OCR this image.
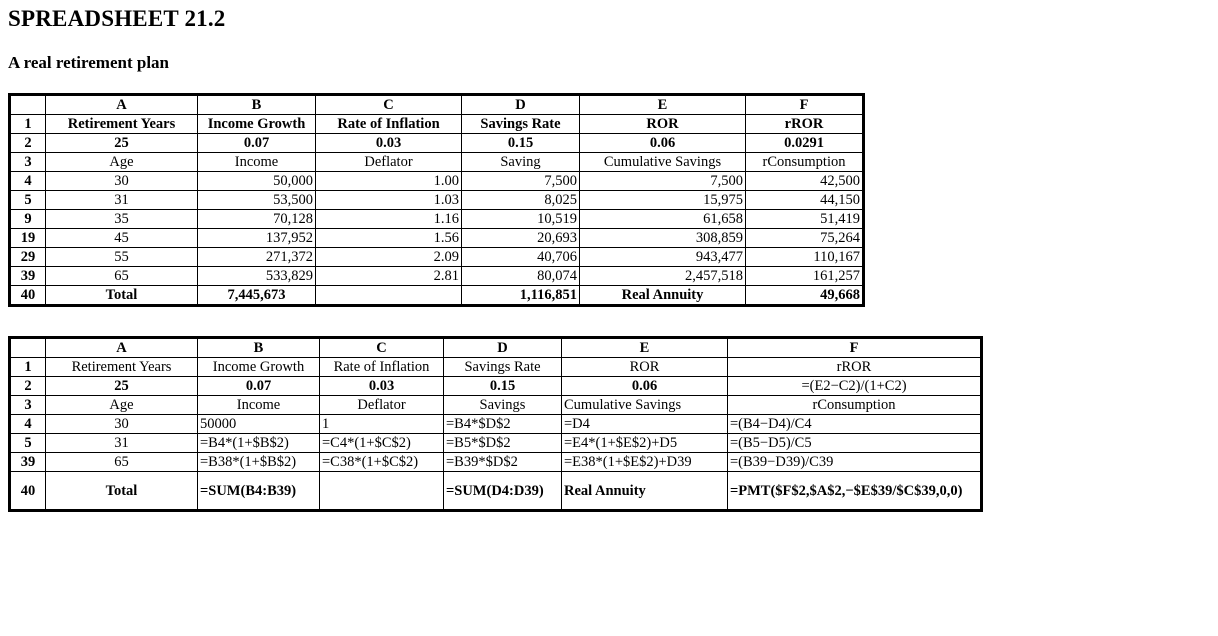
SPREADSHEET 21.2
A real retirement plan
	A	B	C	D	E	F
1	Retirement Years	Income Growth	Rate of Inflation	Savings Rate	ROR	rROR
2	25	0.07	0.03	0.15	0.06	0.0291
3	Age	Income	Deflator	Saving	Cumulative Savings	rConsumption
4	30	50,000	1.00	7,500	7,500	42,500
5	31	53,500	1.03	8,025	15,975	44,150
9	35	70,128	1.16	10,519	61,658	51,419
19	45	137,952	1.56	20,693	308,859	75,264
29	55	271,372	2.09	40,706	943,477	110,167
39	65	533,829	2.81	80,074	2,457,518	161,257
40	Total	7,445,673		1,116,851	Real Annuity	49,668
	A	B	C	D	E	F
1	Retirement Years	Income Growth	Rate of Inflation	Savings Rate	ROR	rROR
2	25	0.07	0.03	0.15	0.06	=(E2−C2)/(1+C2)
3	Age	Income	Deflator	Savings	Cumulative Savings	rConsumption
4	30	50000	1	=B4*$D$2	=D4	=(B4−D4)/C4
5	31	=B4*(1+$B$2)	=C4*(1+$C$2)	=B5*$D$2	=E4*(1+$E$2)+D5	=(B5−D5)/C5
39	65	=B38*(1+$B$2)	=C38*(1+$C$2)	=B39*$D$2	=E38*(1+$E$2)+D39	=(B39−D39)/C39
40	Total	=SUM(B4:B39)		=SUM(D4:D39)	Real Annuity	=PMT($F$2,$A$2,−$E$39/$C$39,0,0)
